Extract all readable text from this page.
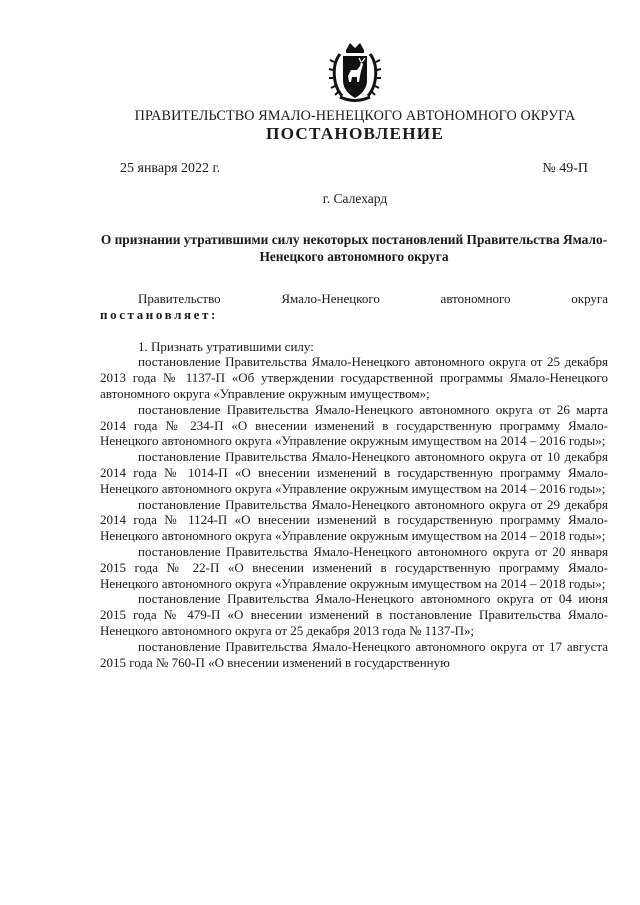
ПРАВИТЕЛЬСТВО ЯМАЛО-НЕНЕЦКОГО АВТОНОМНОГО ОКРУГА
ПОСТАНОВЛЕНИЕ
25 января 2022 г.	№ 49-П
г. Салехард
О признании утратившими силу некоторых постановлений Правительства Ямало-Ненецкого автономного округа
Правительство	Ямало-Ненецкого	автономного	округа

постановляет:

1. Признать утратившими силу:

постановление Правительства Ямало-Ненецкого автономного округа от 25 декабря 2013 года № 1137-П «Об утверждении государственной программы Ямало-Ненецкого автономного округа «Управление окружным имуществом»;

постановление Правительства Ямало-Ненецкого автономного округа от 26 марта 2014 года № 234-П «О внесении изменений в государственную программу Ямало-Ненецкого автономного округа «Управление окружным имуществом на 2014 – 2016 годы»;

постановление Правительства Ямало-Ненецкого автономного округа от 10 декабря 2014 года № 1014-П «О внесении изменений в государственную программу Ямало-Ненецкого автономного округа «Управление окружным имуществом на 2014 – 2016 годы»;

постановление Правительства Ямало-Ненецкого автономного округа от 29 декабря 2014 года № 1124-П «О внесении изменений в государственную программу Ямало-Ненецкого автономного округа «Управление окружным имуществом на 2014 – 2018 годы»;

постановление Правительства Ямало-Ненецкого автономного округа от 20 января 2015 года № 22-П «О внесении изменений в государственную программу Ямало-Ненецкого автономного округа «Управление окружным имуществом на 2014 – 2018 годы»;

постановление Правительства Ямало-Ненецкого автономного округа от 04 июня 2015 года № 479-П «О внесении изменений в постановление Правительства Ямало-Ненецкого автономного округа от 25 декабря 2013 года № 1137-П»;

постановление Правительства Ямало-Ненецкого автономного округа от 17 августа 2015 года № 760-П «О внесении изменений в государственную
